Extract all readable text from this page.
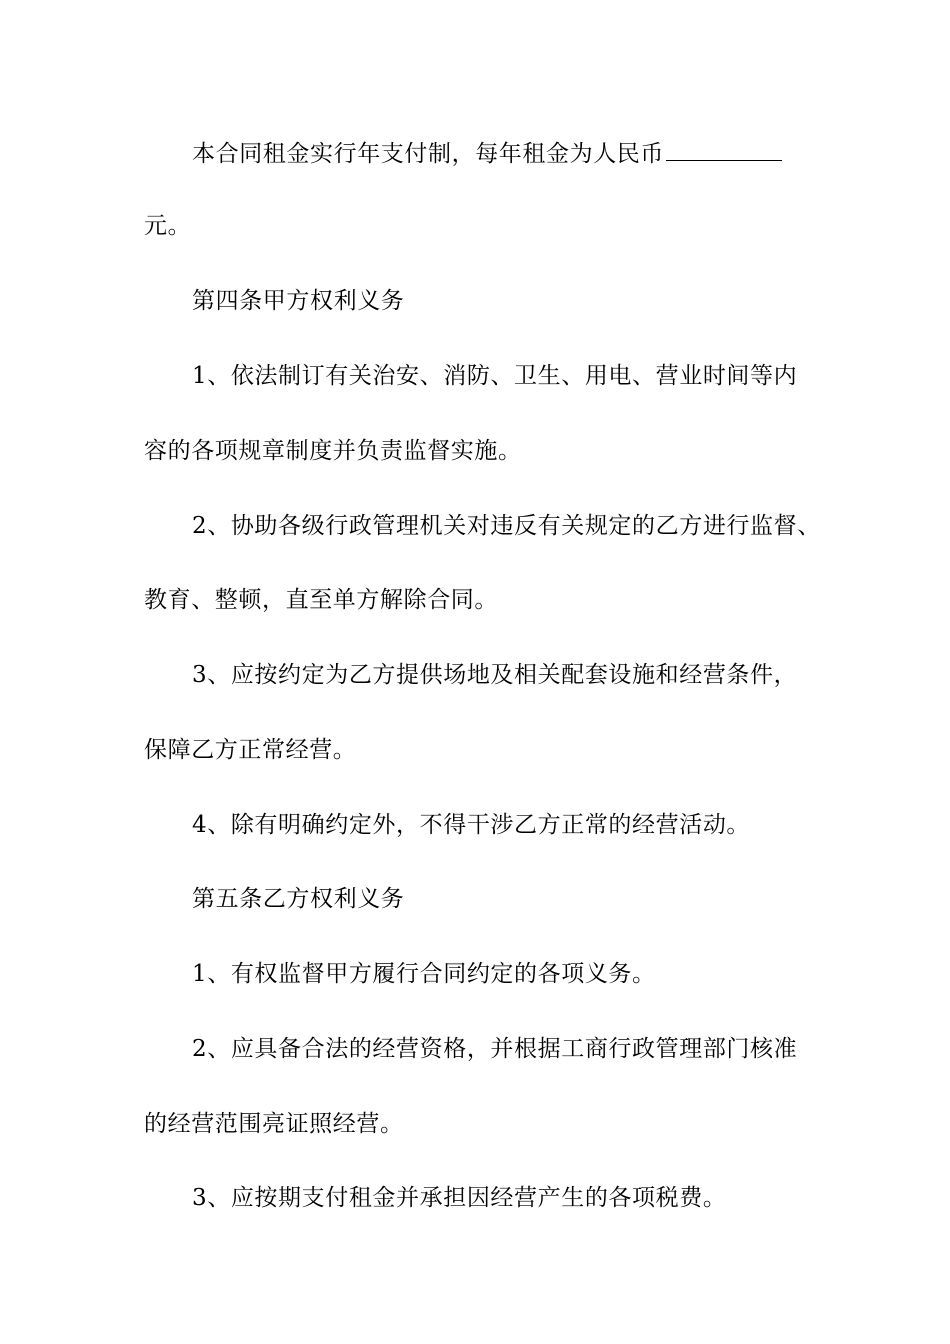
本合同租金实行年支付制，每年租金为人民币
元。
第四条甲方权利义务
1、依法制订有关治安、消防、卫生、用电、营业时间等内
容的各项规章制度并负责监督实施。
2、协助各级行政管理机关对违反有关规定的乙方进行监督、
教育、整顿，直至单方解除合同。
3、应按约定为乙方提供场地及相关配套设施和经营条件，
保障乙方正常经营。
4、除有明确约定外，不得干涉乙方正常的经营活动。
第五条乙方权利义务
1、有权监督甲方履行合同约定的各项义务。
2、应具备合法的经营资格，并根据工商行政管理部门核准
的经营范围亮证照经营。
3、应按期支付租金并承担因经营产生的各项税费。
